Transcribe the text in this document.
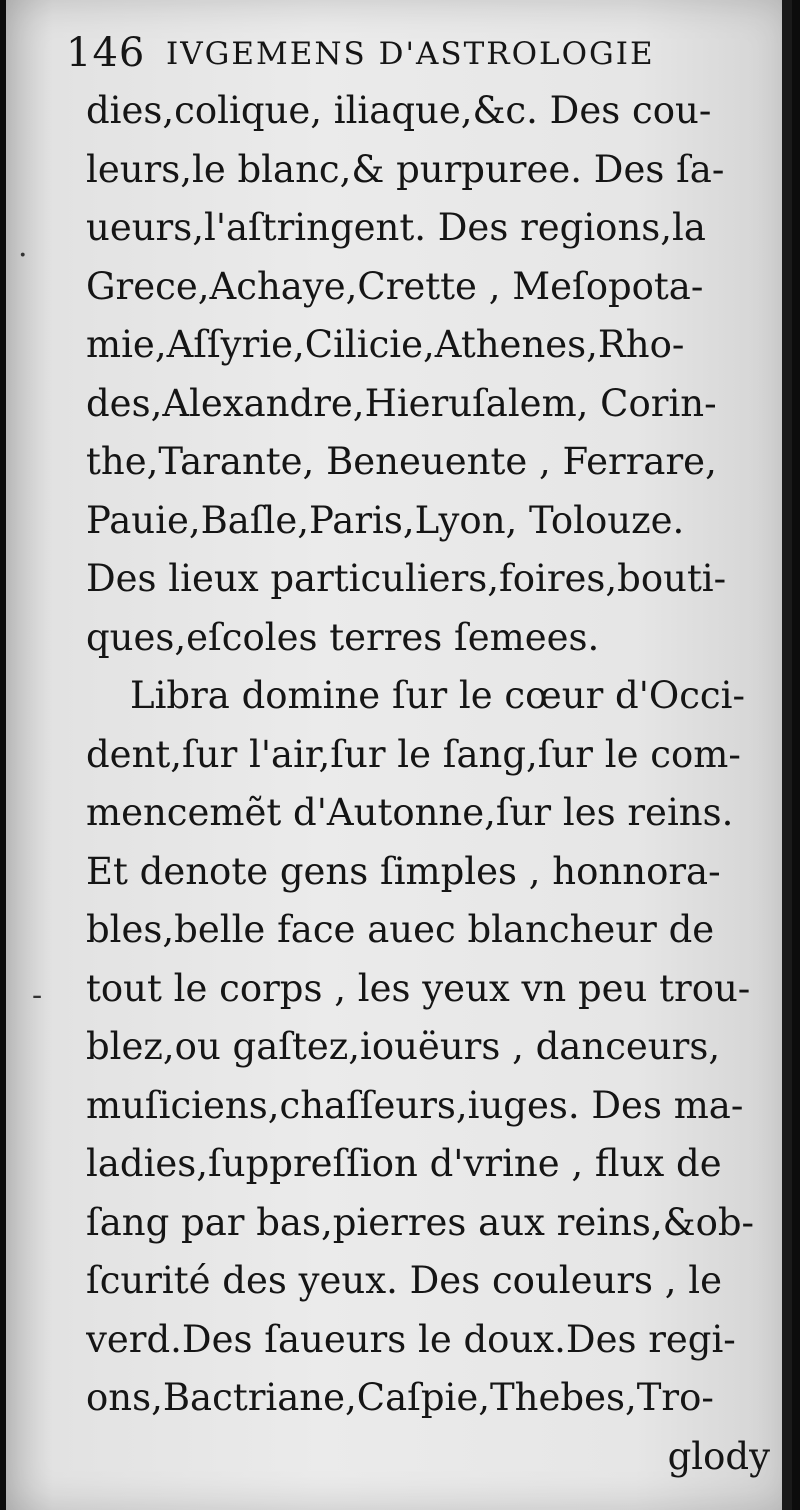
146 IVGEMENS D'ASTROLOGIE
·
-
dies,colique, iliaque,&c. Des cou-
leurs,le blanc,& purpuree. Des ſa-
ueurs,l'aſtringent. Des regions,la
Grece,Achaye,Crette , Meſopota-
mie,Aſſyrie,Cilicie,Athenes,Rho-
des,Alexandre,Hieruſalem, Corin-
the,Tarante, Beneuente , Ferrare,
Pauie,Baſle,Paris,Lyon, Tolouze.
Des lieux particuliers,foires,bouti-
ques,eſcoles terres ſemees.
Libra domine ſur le cœur d'Occi-
dent,ſur l'air,ſur le ſang,ſur le com-
mencemẽt d'Autonne,ſur les reins.
Et denote gens ſimples , honnora-
bles,belle face auec blancheur de
tout le corps , les yeux vn peu trou-
blez,ou gaſtez,iouëurs , danceurs,
muſiciens,chaſſeurs,iuges. Des ma-
ladies,ſuppreſſion d'vrine , flux de
ſang par bas,pierres aux reins,&ob-
ſcurité des yeux. Des couleurs , le
verd.Des ſaueurs le doux.Des regi-
ons,Bactriane,Caſpie,Thebes,Tro-
glody
